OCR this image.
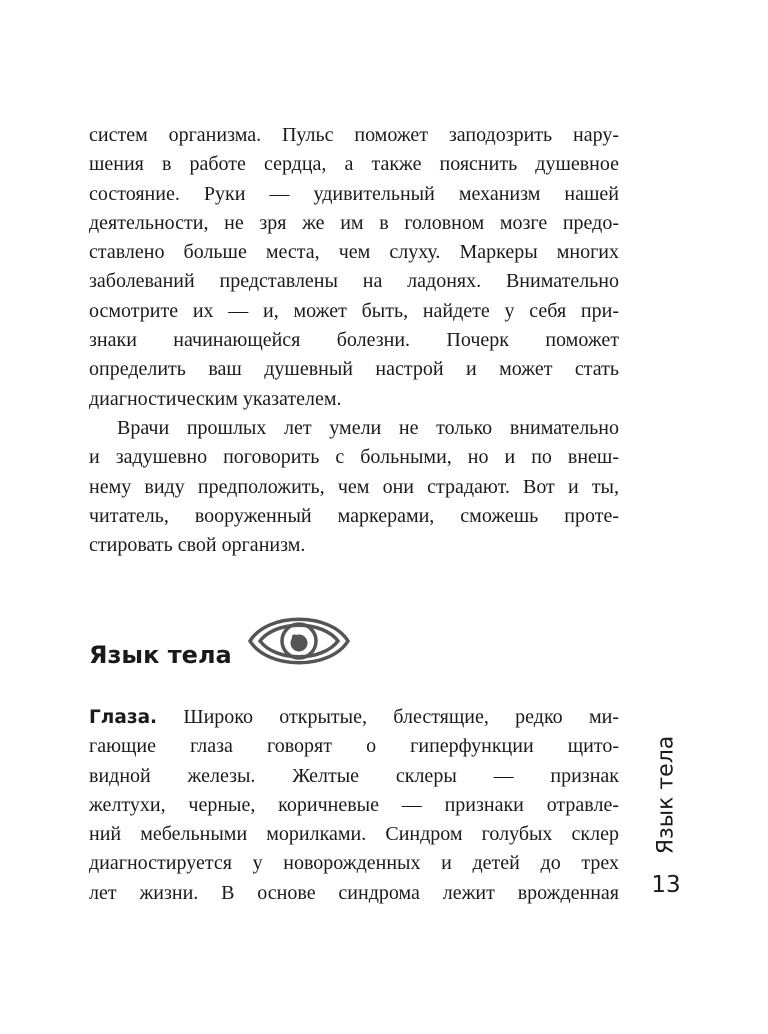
систем организма. Пульс поможет заподозрить нару-
шения в работе сердца, а также пояснить душевное
состояние. Руки — удивительный механизм нашей
деятельности, не зря же им в головном мозге предо-
ставлено больше места, чем слуху. Маркеры многих
заболеваний представлены на ладонях. Внимательно
осмотрите их — и, может быть, найдете у себя при-
знаки начинающейся болезни. Почерк поможет
определить ваш душевный настрой и может стать
диагностическим указателем.
Врачи прошлых лет умели не только внимательно
и задушевно поговорить с больными, но и по внеш-
нему виду предположить, чем они страдают. Вот и ты,
читатель, вооруженный маркерами, сможешь проте-
стировать свой организм.
Язык тела
Глаза. Широко открытые, блестящие, редко ми-
гающие глаза говорят о гиперфункции щито-
видной железы. Желтые склеры — признак
желтухи, черные, коричневые — признаки отравле-
ний мебельными морилками. Синдром голубых склер
диагностируется у новорожденных и детей до трех
лет жизни. В основе синдрома лежит врожденная
Язык тела
13
